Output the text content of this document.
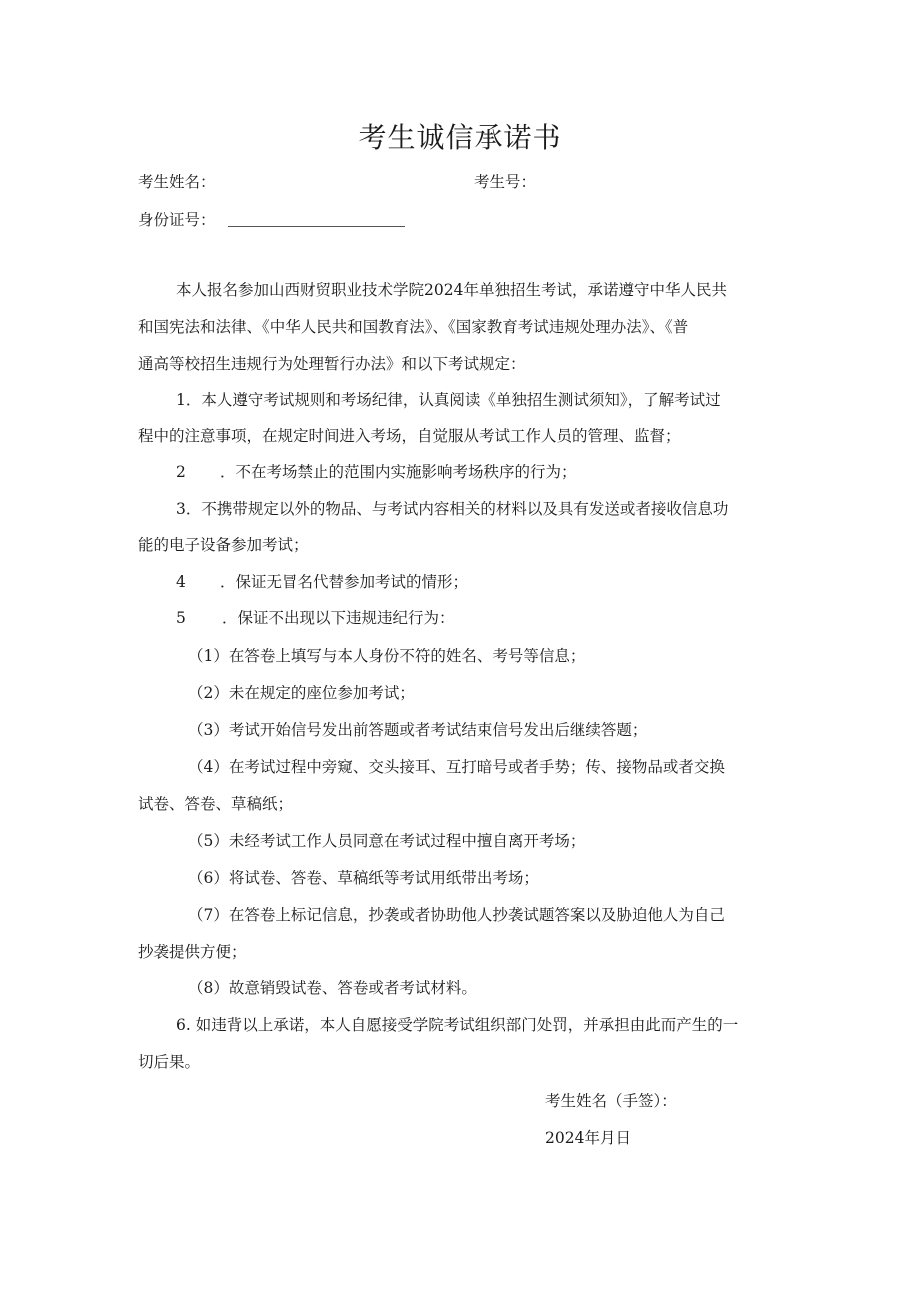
考生诚信承诺书
考生姓名：	考生号：
身份证号：
本人报名参加山西财贸职业技术学院2024年单独招生考试，承诺遵守中华人民共
和国宪法和法律、《中华人民共和国教育法》、《国家教育考试违规处理办法》、《普
通高等校招生违规行为处理暂行办法》和以下考试规定：
1．本人遵守考试规则和考场纪律，认真阅读《单独招生测试须知》，了解考试过
程中的注意事项，在规定时间进入考场，自觉服从考试工作人员的管理、监督；
2 ．不在考场禁止的范围内实施影响考场秩序的行为；
3．不携带规定以外的物品、与考试内容相关的材料以及具有发送或者接收信息功
能的电子设备参加考试；
4 ．保证无冒名代替参加考试的情形；
5 ．保证不出现以下违规违纪行为：
（1）在答卷上填写与本人身份不符的姓名、考号等信息；
（2）未在规定的座位参加考试；
（3）考试开始信号发出前答题或者考试结束信号发出后继续答题；
（4）在考试过程中旁窥、交头接耳、互打暗号或者手势；传、接物品或者交换
试卷、答卷、草稿纸；
（5）未经考试工作人员同意在考试过程中擅自离开考场；
（6）将试卷、答卷、草稿纸等考试用纸带出考场；
（7）在答卷上标记信息，抄袭或者协助他人抄袭试题答案以及胁迫他人为自己
抄袭提供方便；
（8）故意销毁试卷、答卷或者考试材料。
6. 如违背以上承诺，本人自愿接受学院考试组织部门处罚，并承担由此而产生的一
切后果。
考生姓名（手签）：
2024年月日
